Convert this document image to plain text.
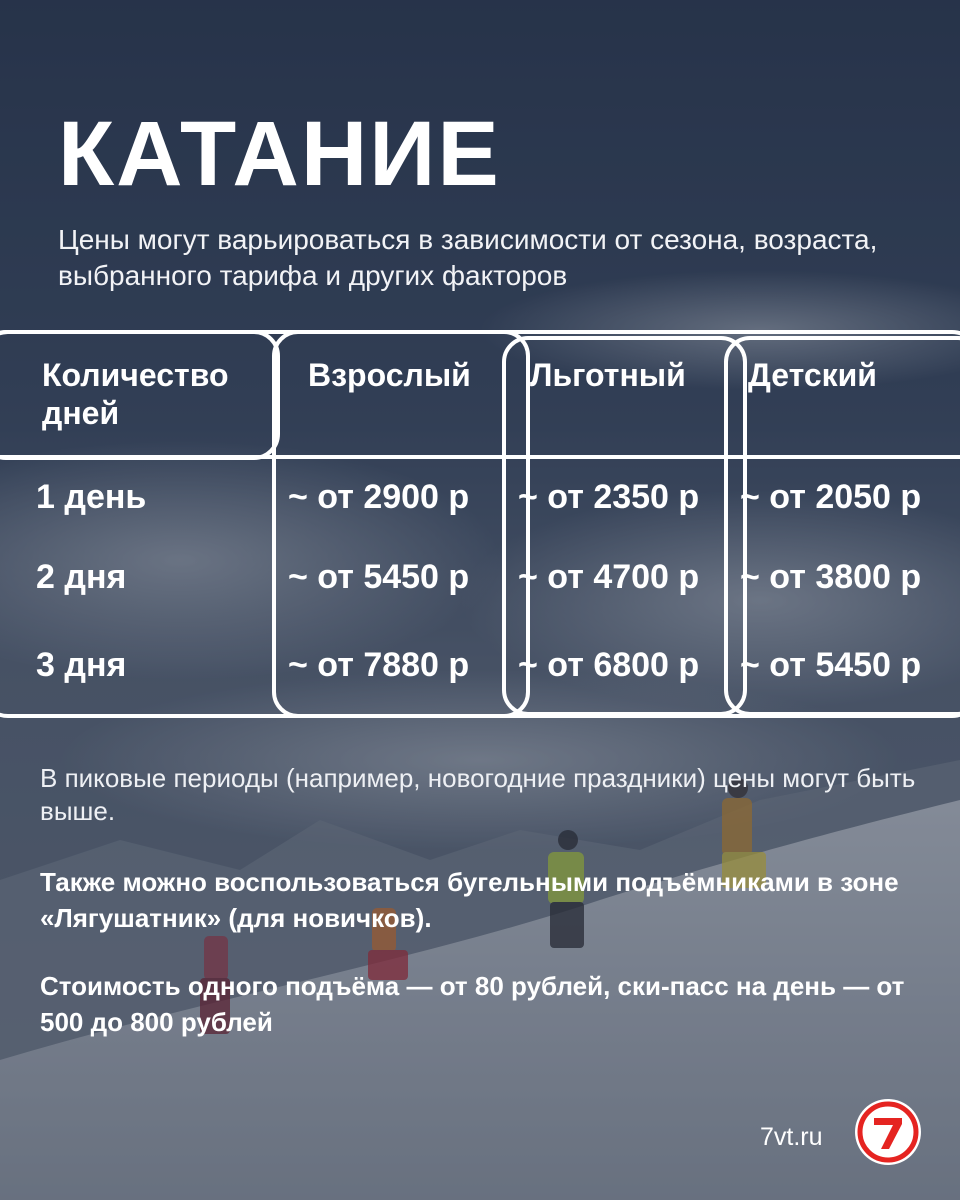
КАТАНИЕ

Цены могут варьироваться в зависимости от сезона, возраста, выбранного тарифа и других факторов

Количество дней
Взрослый Льготный Детский
1 день	~ от 2900 р ~ от 2350 р ~ от 2050 р
2 дня	~ от 5450 р ~ от 4700 р ~ от 3800 р
3 дня	~ от 7880 р ~ от 6800 р ~ от 5450 р

В пиковые периоды (например, новогодние праздники) цены могут быть выше.

Также можно воспользоваться бугельными подъёмниками в зоне «Лягушатник» (для новичков).

Стоимость одного подъёма — от 80 рублей, ски-пасс на день — от 500 до 800 рублей

7vt.ru
